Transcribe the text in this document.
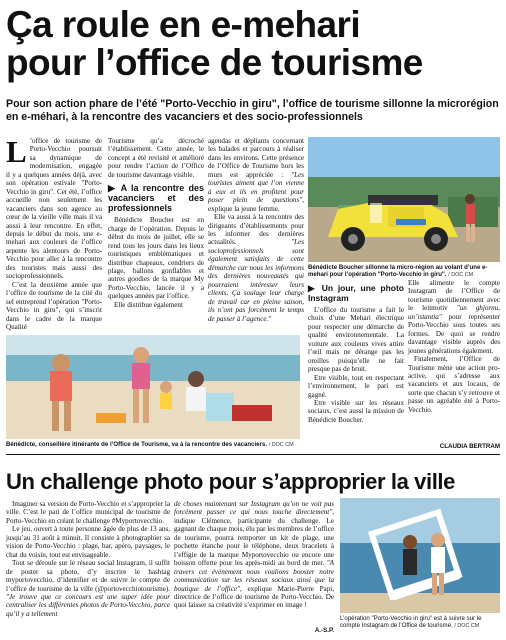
Ça roule en e-mehari
pour l’office de tourisme
Pour son action phare de l’été "Porto-Vecchio in giru", l’office de tourisme sillonne la microrégion en e-méhari, à la rencontre des vacanciers et des socio-professionnels
L ’office de tourisme de Porto-Vecchio poursuit sa dynamique de modernisation, engagée il y a quelques années déjà, avec son opération estivale "Porto-Vecchio in giru". Cet été, l’office accueille non seulement les vacanciers dans son agence au cœur de la vieille ville mais il va aussi à leur rencontre. En effet, depuis le début du mois, une e-mehari aux couleurs de l’office arpente les alentours de Porto-Vecchio pour aller à la rencontre des touristes mais aussi des socioprofessionnels.

C’est la deuxième année que l’office de tourisme de la cité du sel entreprend l’opération "Porto-Vecchio in giru", qui s’inscrit dans le cadre de la marque Qualité

Tourisme qu’a décroché l’établissement. Cette année, le concept a été revisité et amélioré pour rendre l’action de l’Office de tourisme davantage visible.

▶ A la rencontre des vacanciers et des professionnels

Bénédicte Boucher est en charge de l’opération. Depuis le début du mois de juillet, elle se rend tous les jours dans les lieux touristiques emblématiques et distribue chapeaux, cendriers de plage, ballons gonflables et autres goodies de la marque My Porto-Vecchio, lancée il y a quelques années par l’office.

Elle distribue également

agendas et dépliants concernant les balades et parcours à réaliser dans les environs. Cette présence de l’Office de Tourisme hors les murs est appréciée : "Les touristes aiment que l’on vienne à eux et ils en profitent pour poser plein de questions", explique la jeune femme.

Elle va aussi à la rencontre des dirigeants d’établissements pour les informer des dernières actualités. "Les socioprofessionnels sont également satisfaits de cette démarche car nous les informons des dernières nouveautés qui pourraient intéresser leurs clients. Ça soulage leur charge de travail car en pleine saison, ils n’ont pas forcément le temps de passer à l’agence."

Bénédicte Boucher sillonne la micro-région au volant d’une e-mehari pour l’opération "Porto-Vecchio in giru". / DOC CM
Bénédicte, conseillère itinérante de l’Office de Tourisme, va à la rencontre des vacanciers. / DOC CM
▶ Un jour, une photo Instagram

L’office du tourisme a fait le choix d’une Mehari électrique pour respecter une démarche de qualité environnementale. La voiture aux couleurs vives attire l’œil mais ne dérange pas les oreilles puisqu’elle ne fait presque pas de bruit.

Etre visible, tout en respectant l’environnement, le pari est gagné.

Etre visible sur les réseaux sociaux, c’est aussi la mission de Bénédicte Boucher.

Elle alimente le compte Instagram de l’Office de tourisme quotidiennement avec le leitmotiv "un ghjornu, un’istantia" pour représenter Porto-Vecchio sous toutes ses formes. De quoi se rendre davantage visible auprès des jeunes générations également.

Finalement, l’Office de Tourisme mène une action pro-active, qui s’adresse aux vacanciers et aux locaux, de sorte que chacun s’y retrouve et passe un agréable été à Porto-Vecchio.

CLAUDIA BERTRAM
Un challenge photo pour s’approprier la ville

Imaginer sa version de Porto-Vecchio et s’approprier la ville. C’est le pari de l’office municipal de tourisme de Porto-Vecchio en créant le challenge #Myportovecchio.

Le jeu, ouvert à toute personne âgée de plus de 13 ans, jusqu’au 31 août à minuit. Il consiste à photographier sa vision de Porto-Vecchio : plage, bar, apéro, paysages, le chat du voisin, tout est envisageable.

Tout se déroule sur le réseau social Instagram, il suffit de poster sa photo, d’y inscrire le hashtag myportovecchio, d’identifier et de suivre le compte de l’office de tourisme de la ville (@portovecchiotourisme). "Je trouve que ce concours est une super idée pour centraliser les différentes photos de Porto-Vecchio, parce qu’il y a tellement

de choses maintenant sur Instagram qu’on ne voit pas forcément passer ce qui nous touche directement", indique Clémence, participante du challenge. Le gagnant de chaque mois, élu par les membres de l’office de tourisme, pourra remporter un kit de plage, une pochette étanche pour le téléphone, deux bracelets à l’effigie de la marque Myportovecchio ou encore une boisson offerte pour les après-midi au bord de mer. "A travers cet évènement nous voulions booster notre communication sur les réseaux sociaux ainsi que la boutique de l’office", explique Marie-Pierre Papi, directrice de l’office de tourisme de Porto-Vecchio. De quoi laisser sa créativité s’exprimer en image !

A.-S.P.
L’opération "Porto-Vecchio in giru" est à suivre sur le compte Instagram de l’Office de tourisme. / DOC CM
